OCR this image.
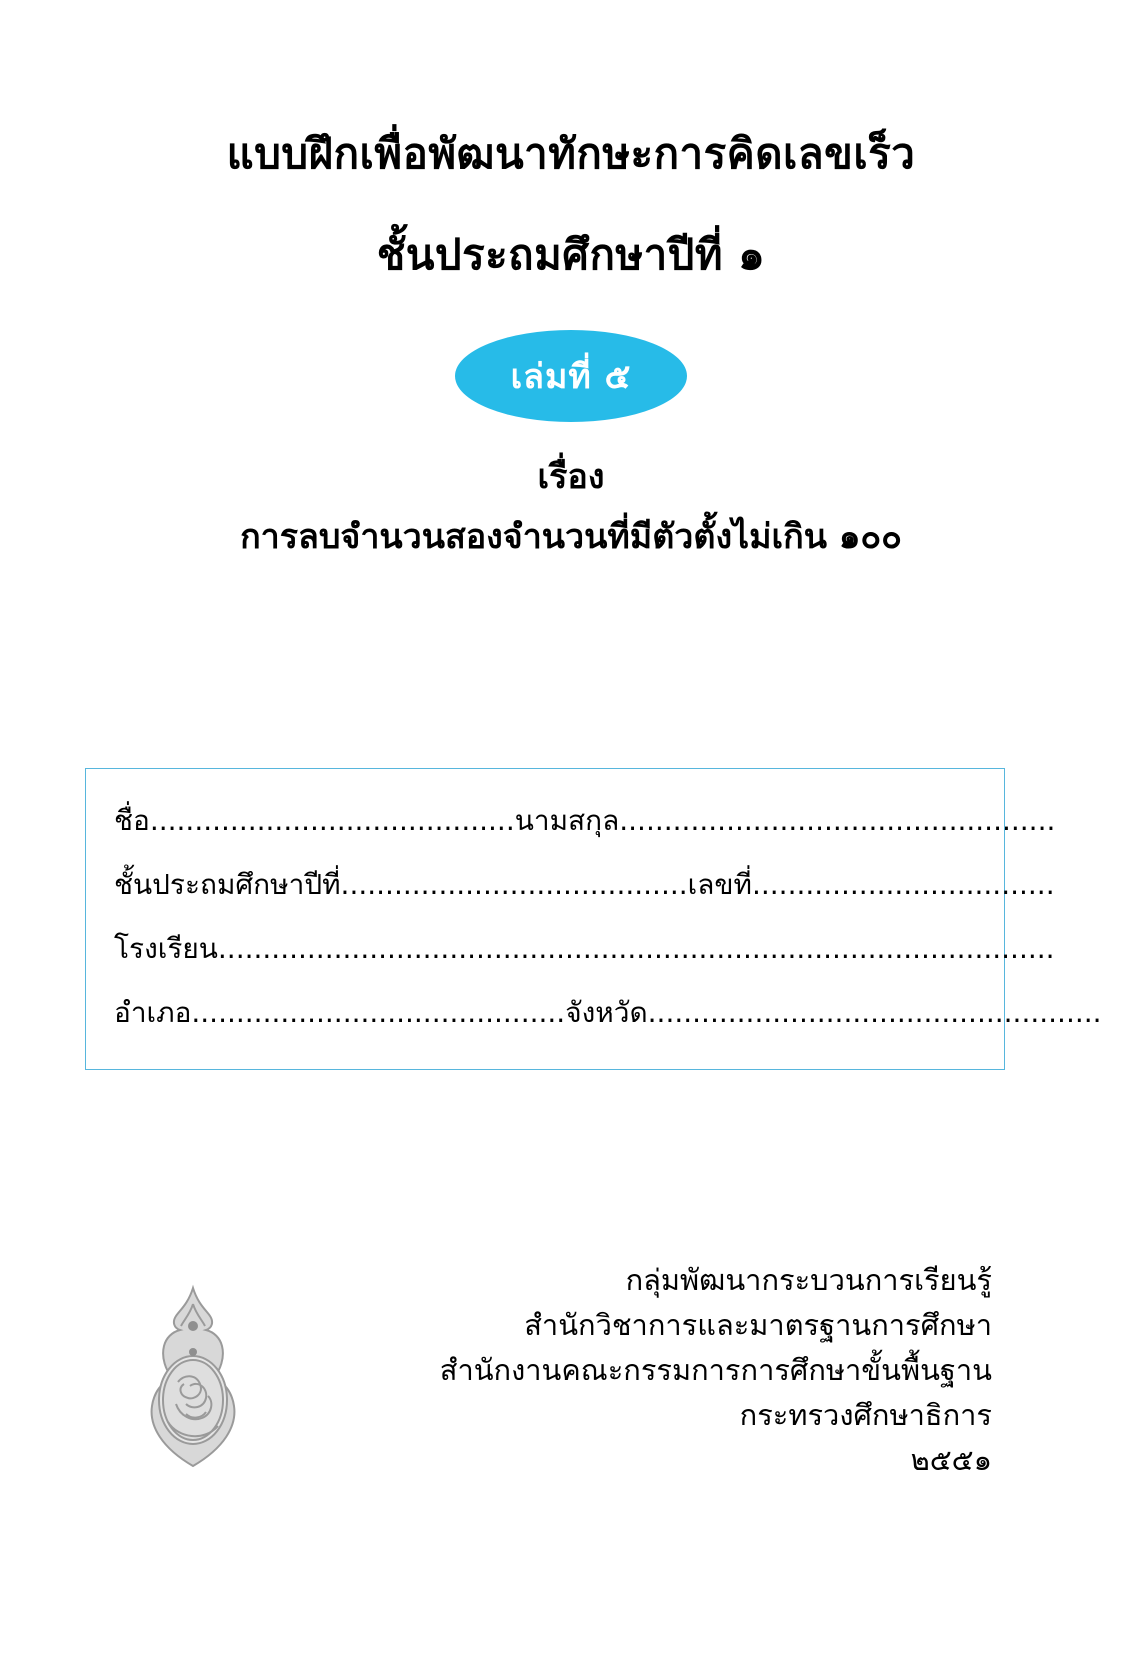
แบบฝึกเพื่อพัฒนาทักษะการคิดเลขเร็ว
ชั้นประถมศึกษาปีที่ ๑
เล่มที่ ๕
เรื่อง
การลบจำนวนสองจำนวนที่มีตัวตั้งไม่เกิน ๑๐๐
ชื่อ.........................................นามสกุล.................................................
ชั้นประถมศึกษาปีที่.......................................เลขที่..................................
โรงเรียน..............................................................................................
อำเภอ..........................................จังหวัด...................................................
กลุ่มพัฒนากระบวนการเรียนรู้
สำนักวิชาการและมาตรฐานการศึกษา
สำนักงานคณะกรรมการการศึกษาขั้นพื้นฐาน
กระทรวงศึกษาธิการ
๒๕๕๑
